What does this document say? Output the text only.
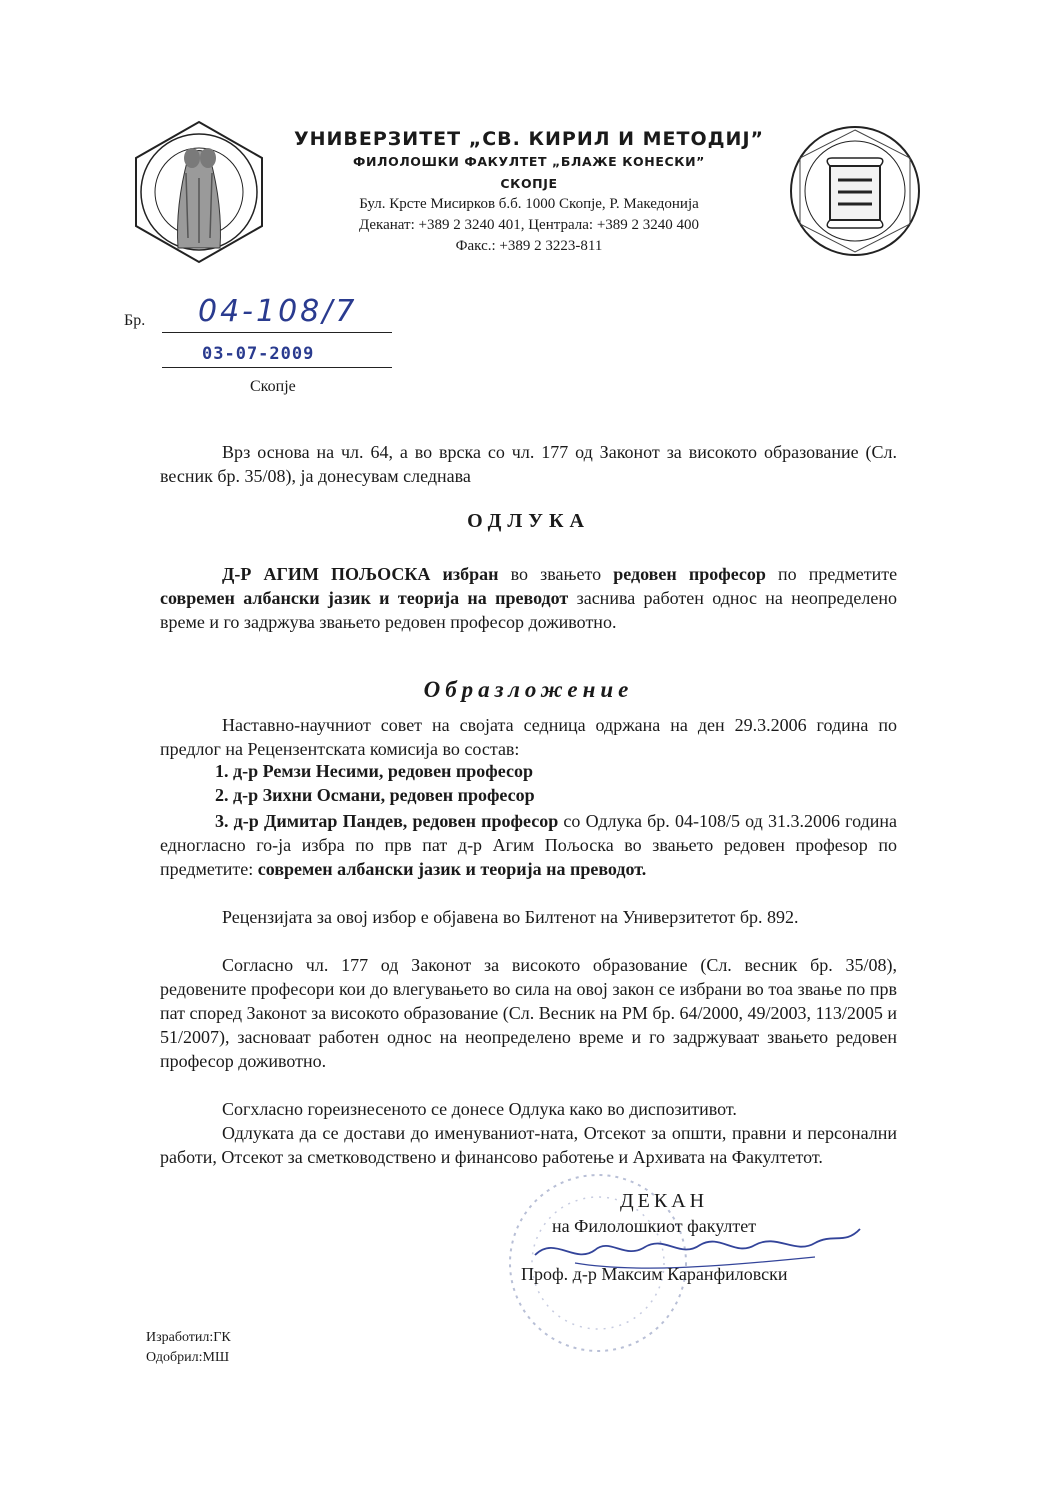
УНИВЕРЗИТЕТ „СВ. КИРИЛ И МЕТОДИЈ”
ФИЛОЛОШКИ ФАКУЛТЕТ „БЛАЖЕ КОНЕСКИ”
СКОПЈЕ
Бул. Крсте Мисирков б.б. 1000 Скопје, Р. Македонија
Деканат: +389 2 3240 401, Централа: +389 2 3240 400
Факс.: +389 2 3223-811
Бр. 04-108/7
03-07-2009
Скопје
Врз основа на чл. 64, а во врска со чл. 177 од Законот за високото образование (Сл. весник бр. 35/08), ја донесувам следнава
ОДЛУКА
Д-Р АГИМ ПОЉОСКА избран во звањето редовен професор по предметите современ албански јазик и теорија на преводот заснива работен однос на неопределено време и го задржува звањето редовен професор доживотно.
Образложение
Наставно-научниот совет на својата седница одржана на ден 29.3.2006 година по предлог на Рецензентската комисија во состав:
1. д-р Ремзи Несими, редовен професор
2. д-р Зихни Османи, редовен професор
3. д-р Димитар Пандев, редовен професор со Одлука бр. 04-108/5 од 31.3.2006 година едногласно го-ја избра по прв пат д-р Агим Пољоска во звањето редовен профеѕор по предметите: современ албански јазик и теорија на преводот.
Рецензијата за овој избор е објавена во Билтенот на Универзитетот бр. 892.
Согласно чл. 177 од Законот за високото образование (Сл. весник бр. 35/08), редовените професори кои до влегувањето во сила на овој закон се избрани во тоа звање по прв пат според Законот за високото образование (Сл. Весник на РМ бр. 64/2000, 49/2003, 113/2005 и 51/2007), засноваат работен однос на неопределено време и го задржуваат звањето редовен професор доживотно.
Согхласно гореизнесеното се донесе Одлука како во диспозитивот.
Одлуката да се достави до именуваниот-ната, Отсекот за општи, правни и персонални работи, Отсекот за сметководствено и финансово работење и Архивата на Факултетот.
ДЕКАН
на Филолошкиот факултет
Проф. д-р Максим Каранфиловски
Изработил:ГК
Одобрил:МШ
